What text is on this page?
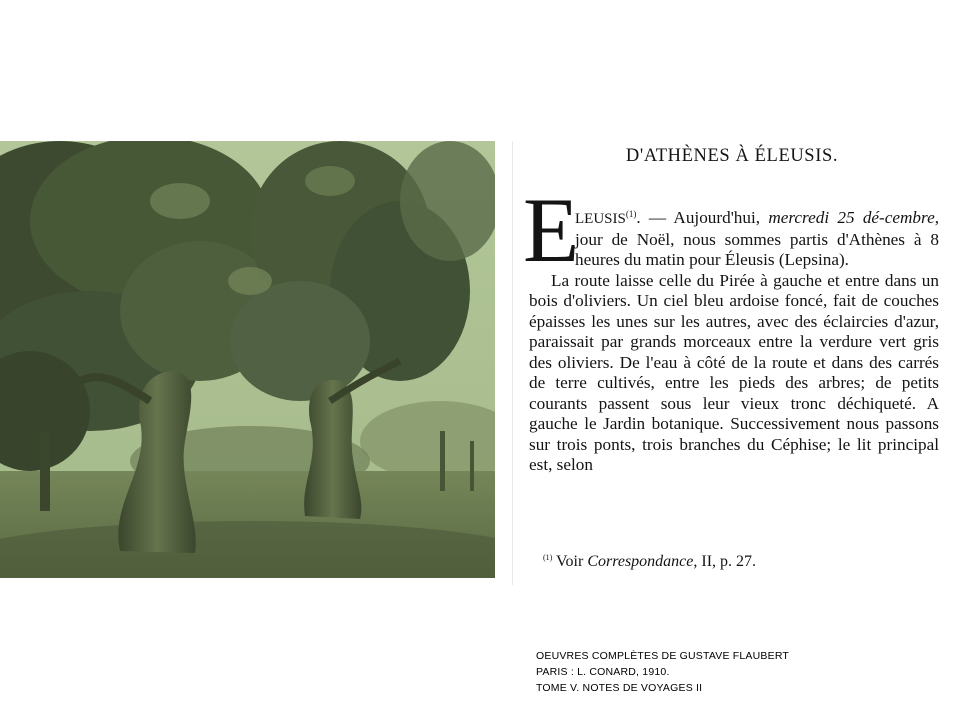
D'ATHÈNES À ÉLEUSIS.
E
LEUSIS$^{(1)}$. — Aujourd'hui, mercredi 25 dé-cembre, jour de Noël, nous sommes partis d'Athènes à 8 heures du matin pour Éleusis (Lepsina).
La route laisse celle du Pirée à gauche et entre dans un bois d'oliviers. Un ciel bleu ardoise foncé, fait de couches épaisses les unes sur les autres, avec des éclaircies d'azur, paraissait par grands morceaux entre la verdure vert gris des oliviers. De l'eau à côté de la route et dans des carrés de terre cultivés, entre les pieds des arbres; de petits courants passent sous leur vieux tronc déchiqueté. A gauche le Jardin botanique. Successivement nous passons sur trois ponts, trois branches du Céphise; le lit principal est, selon
$^{(1)}$ Voir Correspondance, II, p. 27.
OEUVRES COMPLÈTES DE GUSTAVE FLAUBERT
PARIS : L. CONARD, 1910.
TOME V. NOTES DE VOYAGES II
